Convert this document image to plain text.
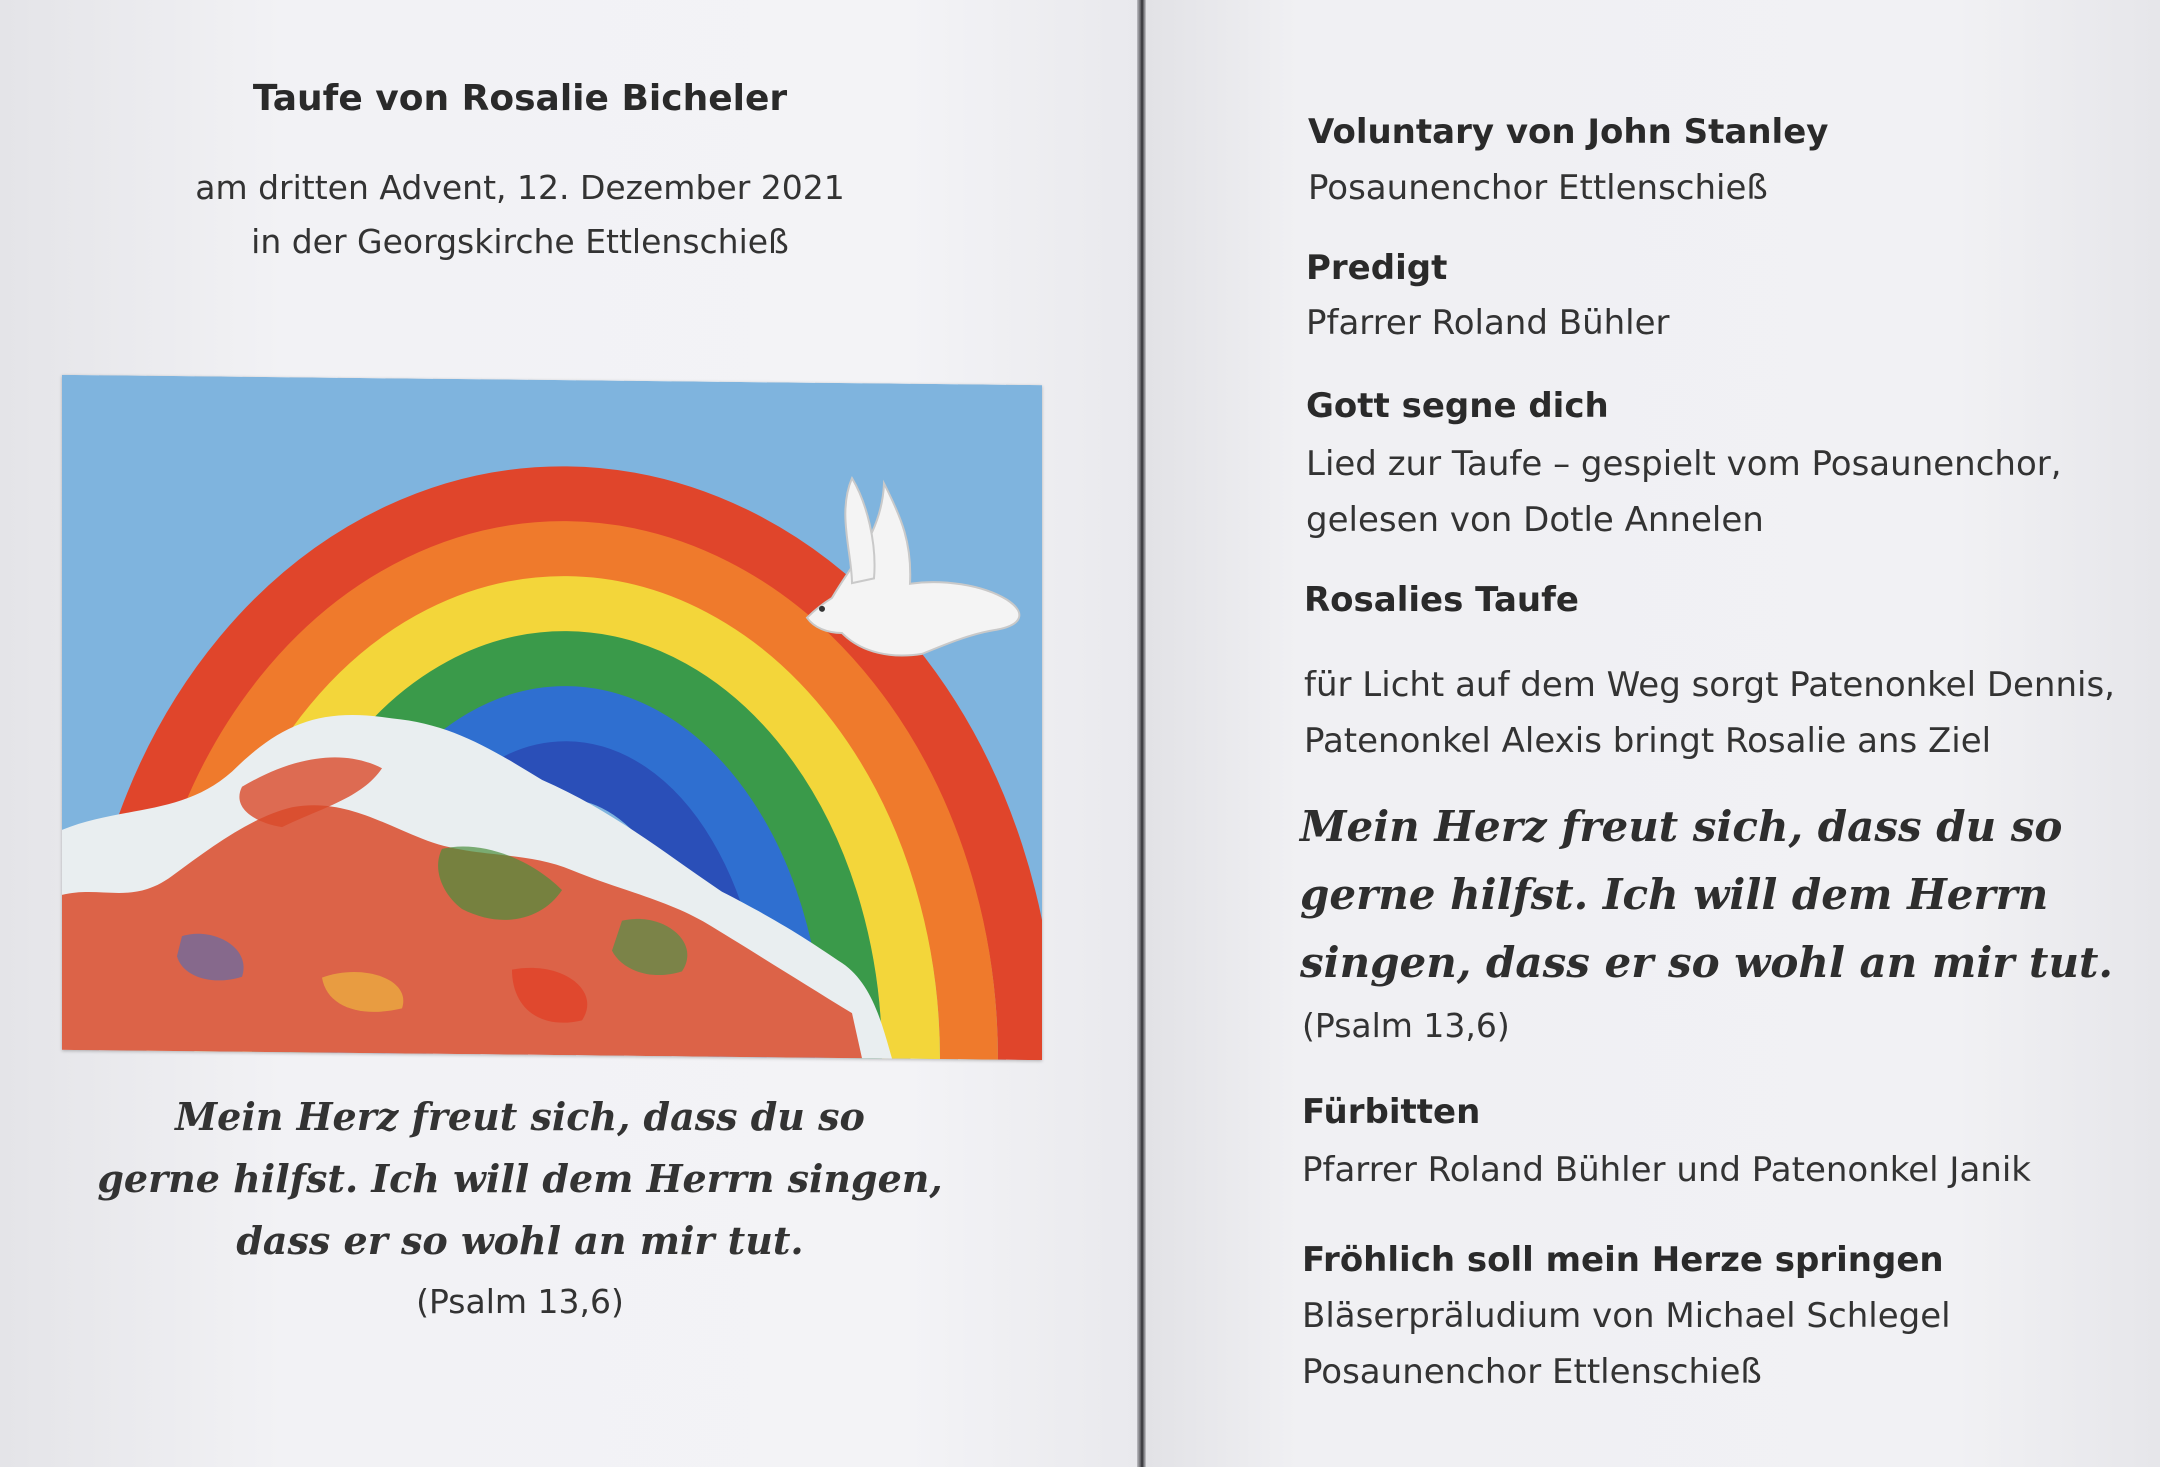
Taufe von Rosalie Bicheler
am dritten Advent, 12. Dezember 2021
in der Georgskirche Ettlenschieß
Mein Herz freut sich, dass du so
gerne hilfst. Ich will dem Herrn singen,
dass er so wohl an mir tut.
(Psalm 13,6)
Voluntary von John Stanley
Posaunenchor Ettlenschieß
Predigt
Pfarrer Roland Bühler
Gott segne dich
Lied zur Taufe – gespielt vom Posaunenchor,
gelesen von Dotle Annelen
Rosalies Taufe
für Licht auf dem Weg sorgt Patenonkel Dennis,
Patenonkel Alexis bringt Rosalie ans Ziel
Mein Herz freut sich, dass du so
gerne hilfst. Ich will dem Herrn
singen, dass er so wohl an mir tut.
(Psalm 13,6)
Fürbitten
Pfarrer Roland Bühler und Patenonkel Janik
Fröhlich soll mein Herze springen
Bläserpräludium von Michael Schlegel
Posaunenchor Ettlenschieß
